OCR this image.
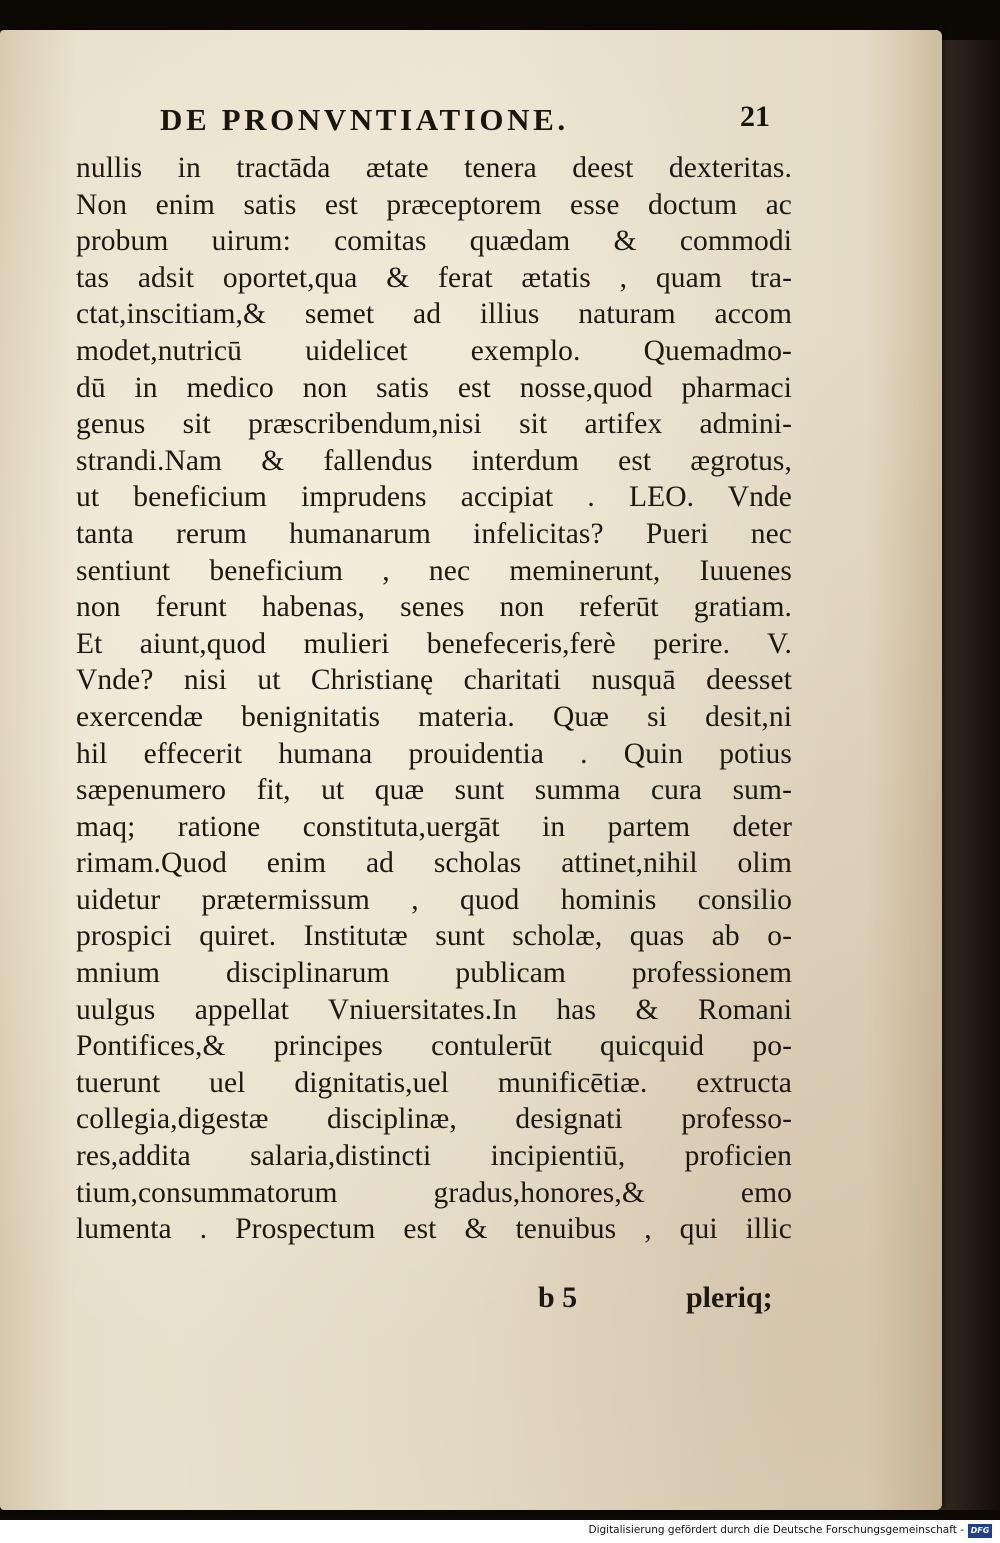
DE PRONVNTIATIONE.	21
nullis in tractāda ætate tenera deest dexteritas.
Non enim satis est præceptorem esse doctum ac
probum uirum: comitas quædam & commodi
tas adsit oportet,qua & ferat ætatis , quam tra-
ctat,inscitiam,& semet ad illius naturam accom
modet,nutricū uidelicet exemplo. Quemadmo-
dū in medico non satis est nosse,quod pharmaci
genus sit præscribendum,nisi sit artifex admini-
strandi.Nam & fallendus interdum est ægrotus,
ut beneficium imprudens accipiat . LEO. Vnde
tanta rerum humanarum infelicitas? Pueri nec
sentiunt beneficium , nec meminerunt, Iuuenes
non ferunt habenas, senes non referūt gratiam.
Et aiunt,quod mulieri benefeceris,ferè perire. V.
Vnde? nisi ut Christianę charitati nusquā deesset
exercendæ benignitatis materia. Quæ si desit,ni
hil effecerit humana prouidentia . Quin potius
sæpenumero fit, ut quæ sunt summa cura sum-
maq; ratione constituta,uergāt in partem deter
rimam.Quod enim ad scholas attinet,nihil olim
uidetur prætermissum , quod hominis consilio
prospici quiret. Institutæ sunt scholæ, quas ab o-
mnium disciplinarum publicam professionem
uulgus appellat Vniuersitates.In has & Romani
Pontifices,& principes contulerūt quicquid po-
tuerunt uel dignitatis,uel munificētiæ. extructa
collegia,digestæ disciplinæ, designati professo-
res,addita salaria,distincti incipientiū, proficien
tium,consummatorum gradus,honores,& emo
lumenta . Prospectum est & tenuibus , qui illic
b 5	pleriq;
Digitalisierung gefördert durch die Deutsche Forschungsgemeinschaft - DFG
